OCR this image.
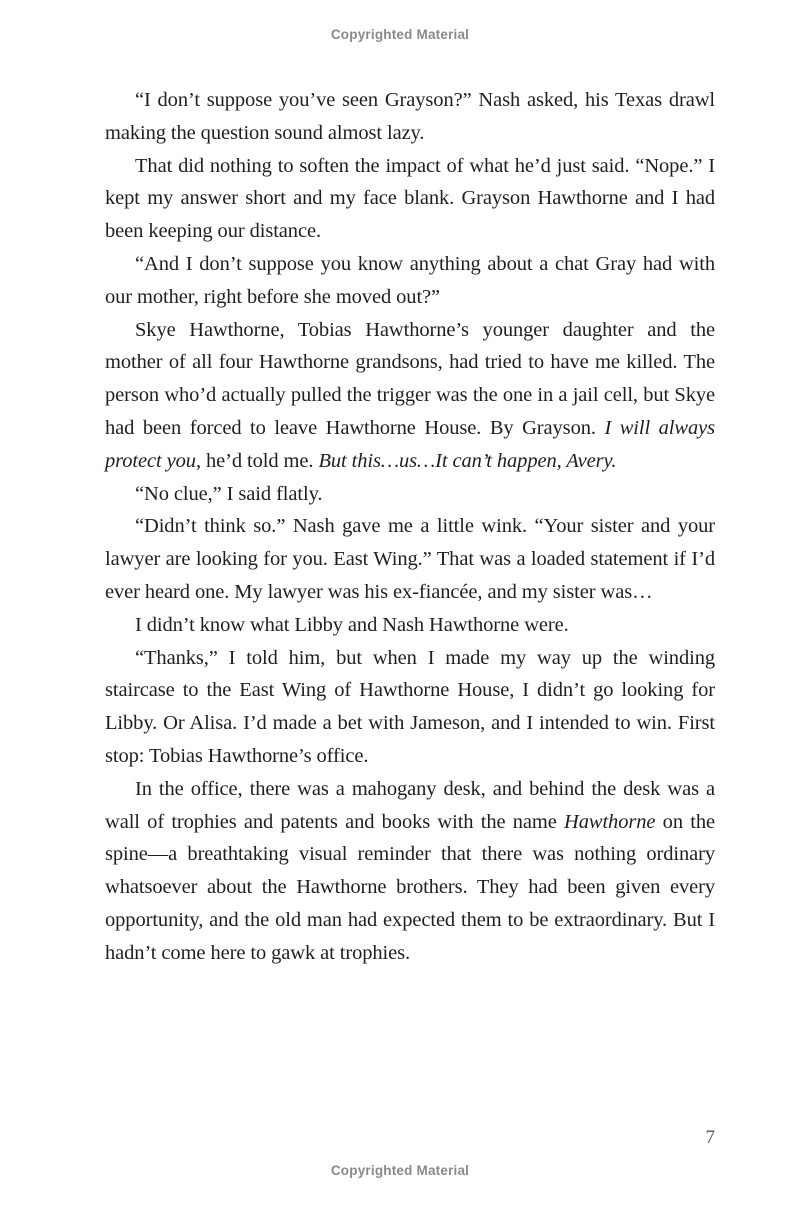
Copyrighted Material

“I don’t suppose you’ve seen Grayson?” Nash asked, his Texas drawl making the question sound almost lazy.

That did nothing to soften the impact of what he’d just said. “Nope.” I kept my answer short and my face blank. Grayson Hawthorne and I had been keeping our distance.

“And I don’t suppose you know anything about a chat Gray had with our mother, right before she moved out?”

Skye Hawthorne, Tobias Hawthorne’s younger daughter and the mother of all four Hawthorne grandsons, had tried to have me killed. The person who’d actually pulled the trigger was the one in a jail cell, but Skye had been forced to leave Hawthorne House. By Grayson. I will always protect you, he’d told me. But this…us…It can’t happen, Avery.

“No clue,” I said flatly.

“Didn’t think so.” Nash gave me a little wink. “Your sister and your lawyer are looking for you. East Wing.” That was a loaded statement if I’d ever heard one. My lawyer was his ex-fiancée, and my sister was…

I didn’t know what Libby and Nash Hawthorne were.

“Thanks,” I told him, but when I made my way up the winding staircase to the East Wing of Hawthorne House, I didn’t go looking for Libby. Or Alisa. I’d made a bet with Jameson, and I intended to win. First stop: Tobias Hawthorne’s office.

In the office, there was a mahogany desk, and behind the desk was a wall of trophies and patents and books with the name Hawthorne on the spine—a breathtaking visual reminder that there was nothing ordinary whatsoever about the Hawthorne brothers. They had been given every opportunity, and the old man had expected them to be extraordinary. But I hadn’t come here to gawk at trophies.

7
Copyrighted Material
